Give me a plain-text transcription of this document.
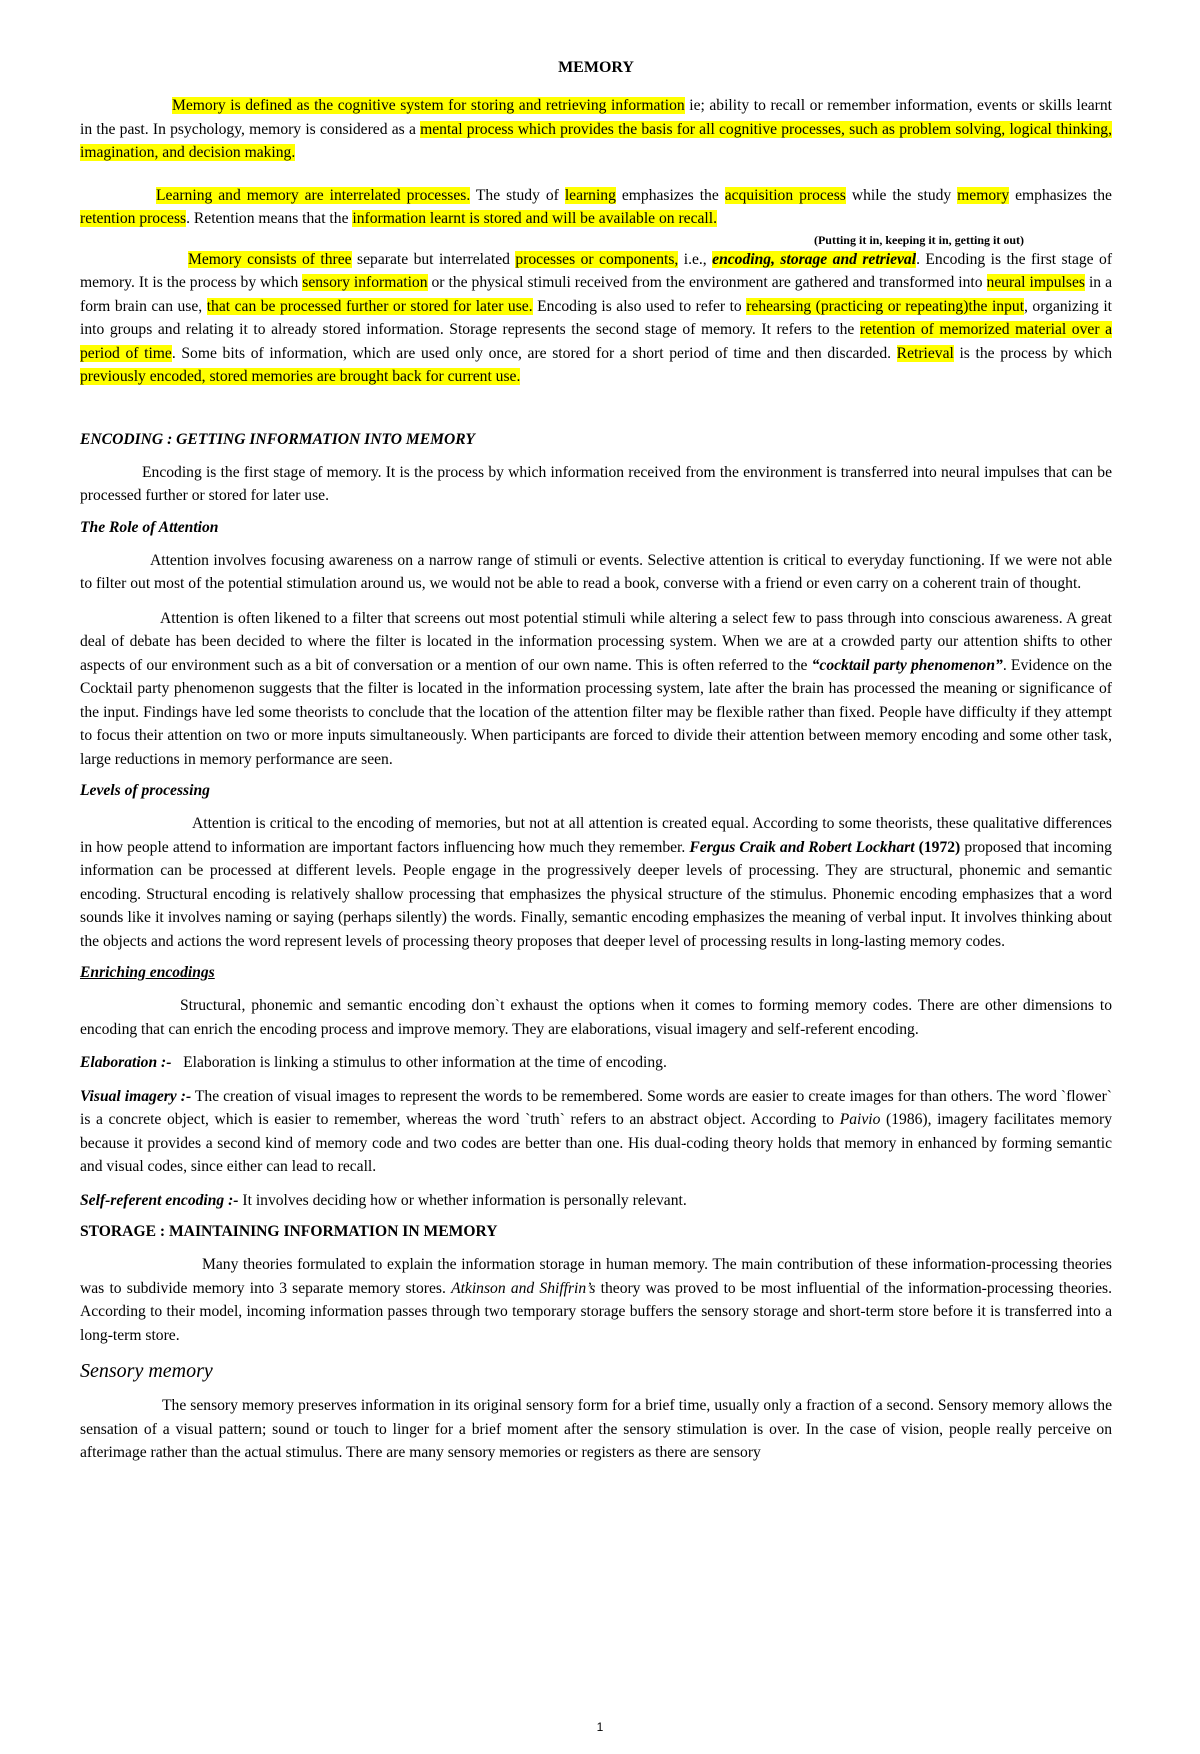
MEMORY

Memory is defined as the cognitive system for storing and retrieving information ie; ability to recall or remember information, events or skills learnt in the past. In psychology, memory is considered as a mental process which provides the basis for all cognitive processes, such as problem solving, logical thinking, imagination, and decision making.

Learning and memory are interrelated processes. The study of learning emphasizes the acquisition process while the study memory emphasizes the retention process. Retention means that the information learnt is stored and will be available on recall.

(Putting it in, keeping it in, getting it out)

Memory consists of three separate but interrelated processes or components, i.e., encoding, storage and retrieval. Encoding is the first stage of memory. It is the process by which sensory information or the physical stimuli received from the environment are gathered and transformed into neural impulses in a form brain can use, that can be processed further or stored for later use. Encoding is also used to refer to rehearsing (practicing or repeating)the input, organizing it into groups and relating it to already stored information. Storage represents the second stage of memory. It refers to the retention of memorized material over a period of time. Some bits of information, which are used only once, are stored for a short period of time and then discarded. Retrieval is the process by which previously encoded, stored memories are brought back for current use.

ENCODING : GETTING INFORMATION INTO MEMORY

Encoding is the first stage of memory. It is the process by which information received from the environment is transferred into neural impulses that can be processed further or stored for later use.

The Role of Attention

Attention involves focusing awareness on a narrow range of stimuli or events. Selective attention is critical to everyday functioning. If we were not able to filter out most of the potential stimulation around us, we would not be able to read a book, converse with a friend or even carry on a coherent train of thought.

Attention is often likened to a filter that screens out most potential stimuli while altering a select few to pass through into conscious awareness. A great deal of debate has been decided to where the filter is located in the information processing system. When we are at a crowded party our attention shifts to other aspects of our environment such as a bit of conversation or a mention of our own name. This is often referred to the “cocktail party phenomenon”. Evidence on the Cocktail party phenomenon suggests that the filter is located in the information processing system, late after the brain has processed the meaning or significance of the input. Findings have led some theorists to conclude that the location of the attention filter may be flexible rather than fixed. People have difficulty if they attempt to focus their attention on two or more inputs simultaneously. When participants are forced to divide their attention between memory encoding and some other task, large reductions in memory performance are seen.

Levels of processing

Attention is critical to the encoding of memories, but not at all attention is created equal. According to some theorists, these qualitative differences in how people attend to information are important factors influencing how much they remember. Fergus Craik and Robert Lockhart (1972) proposed that incoming information can be processed at different levels. People engage in the progressively deeper levels of processing. They are structural, phonemic and semantic encoding. Structural encoding is relatively shallow processing that emphasizes the physical structure of the stimulus. Phonemic encoding emphasizes that a word sounds like it involves naming or saying (perhaps silently) the words. Finally, semantic encoding emphasizes the meaning of verbal input. It involves thinking about the objects and actions the word represent levels of processing theory proposes that deeper level of processing results in long-lasting memory codes.

Enriching encodings

Structural, phonemic and semantic encoding don`t exhaust the options when it comes to forming memory codes. There are other dimensions to encoding that can enrich the encoding process and improve memory. They are elaborations, visual imagery and self-referent encoding.

Elaboration :-   Elaboration is linking a stimulus to other information at the time of encoding.

Visual imagery :- The creation of visual images to represent the words to be remembered. Some words are easier to create images for than others. The word `flower` is a concrete object, which is easier to remember, whereas the word `truth` refers to an abstract object. According to Paivio (1986), imagery facilitates memory because it provides a second kind of memory code and two codes are better than one. His dual-coding theory holds that memory in enhanced by forming semantic and visual codes, since either can lead to recall.

Self-referent encoding :- It involves deciding how or whether information is personally relevant.

STORAGE : MAINTAINING INFORMATION IN MEMORY

Many theories formulated to explain the information storage in human memory. The main contribution of these information-processing theories was to subdivide memory into 3 separate memory stores. Atkinson and Shiffrin’s theory was proved to be most influential of the information-processing theories. According to their model, incoming information passes through two temporary storage buffers the sensory storage and short-term store before it is transferred into a long-term store.

Sensory memory

The sensory memory preserves information in its original sensory form for a brief time, usually only a fraction of a second. Sensory memory allows the sensation of a visual pattern; sound or touch to linger for a brief moment after the sensory stimulation is over. In the case of vision, people really perceive on afterimage rather than the actual stimulus. There are many sensory memories or registers as there are sensory

1
